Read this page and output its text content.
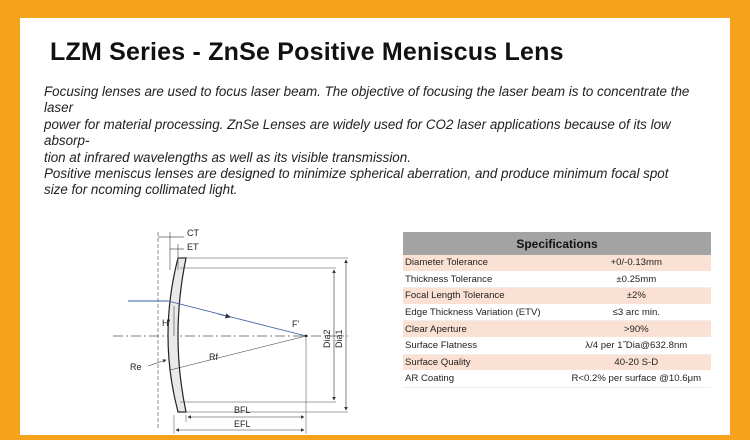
LZM Series - ZnSe Positive Meniscus Lens

Focusing lenses are used to focus laser beam. The objective of focusing the laser beam is to concentrate the laser

power for material processing. ZnSe Lenses are widely used for CO2 laser applications because of its low absorp-

tion at infrared wavelengths as well as its visible transmission.

Positive meniscus lenses are designed to minimize spherical aberration, and produce minimum focal spot

size for ncoming collimated light.

CT
ET
H'	F'
Rf
Re
Dia2 Dia1
BFL
EFL
Specifications	
Diameter Tolerance	+0/-0.13mm
Thickness Tolerance	±0.25mm
Focal Length Tolerance	±2%
Edge Thickness Variation (ETV)	≤3 arc min.
Clear Aperture	>90%
Surface Flatness	λ/4 per 1˝Dia@632.8nm
Surface Quality	40-20 S-D
AR Coating	R<0.2% per surface @10.6μm
